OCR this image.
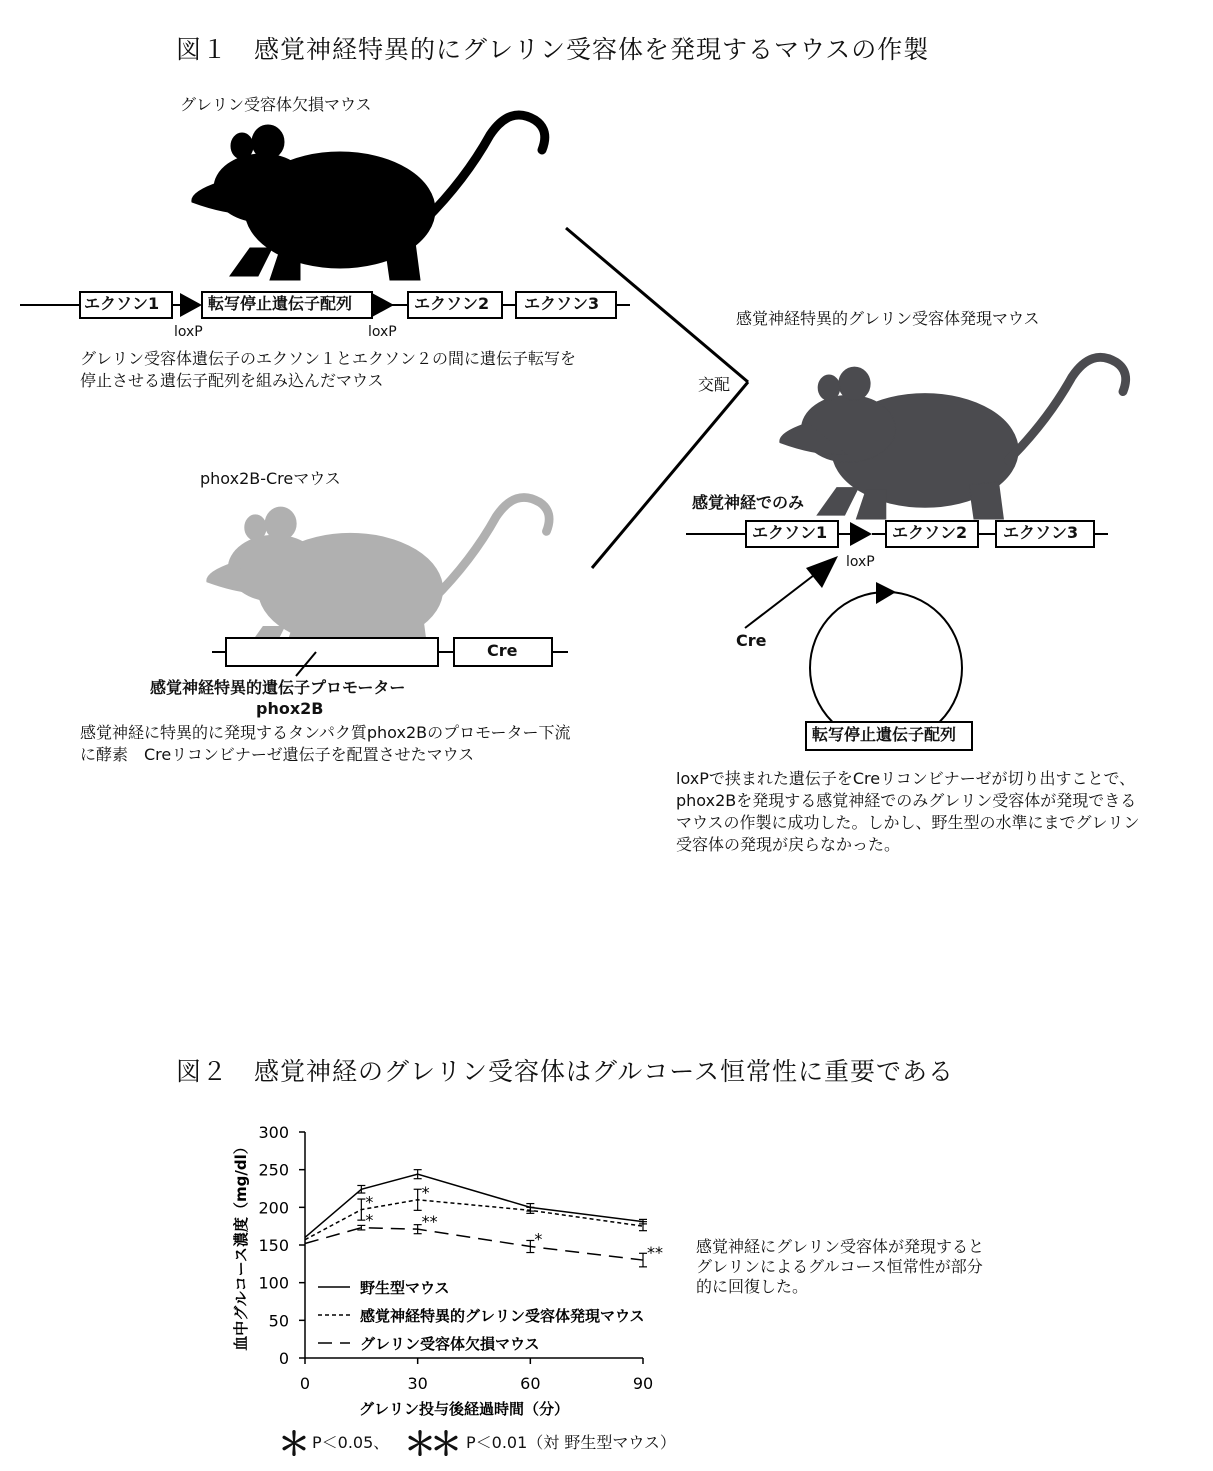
図１　感覚神経特異的にグレリン受容体を発現するマウスの作製
グレリン受容体欠損マウス
エクソン1	転写停止遺伝子配列	エクソン2 エクソン3
loxP	loxP
グレリン受容体遺伝子のエクソン１とエクソン２の間に遺伝子転写を
停止させる遺伝子配列を組み込んだマウス
phox2B-Creマウス
Cre
感覚神経特異的遺伝子プロモーター
phox2B
感覚神経に特異的に発現するタンパク質phox2Bのプロモーター下流
に酵素　Creリコンビナーゼ遺伝子を配置させたマウス
交配
感覚神経特異的グレリン受容体発現マウス
感覚神経でのみ
エクソン1	エクソン2 エクソン3
loxP
Cre
転写停止遺伝子配列
loxPで挟まれた遺伝子をCreリコンビナーゼが切り出すことで、
phox2Bを発現する感覚神経でのみグレリン受容体が発現できる
マウスの作製に成功した。しかし、野生型の水準にまでグレリン
受容体の発現が戻らなかった。
図２　感覚神経のグレリン受容体はグルコース恒常性に重要である
0
50
100
150
200
250
300
0	30	60	90
グレリン投与後経過時間（分）
血中グルコース濃度（mg/dl）	*
*
*	**
*
**
野生型マウス
感覚神経特異的グレリン受容体発現マウス
グレリン受容体欠損マウス
感覚神経にグレリン受容体が発現すると
グレリンによるグルコース恒常性が部分
的に回復した。
＊ P＜0.05、 ＊＊ P＜0.01（対 野生型マウス）
